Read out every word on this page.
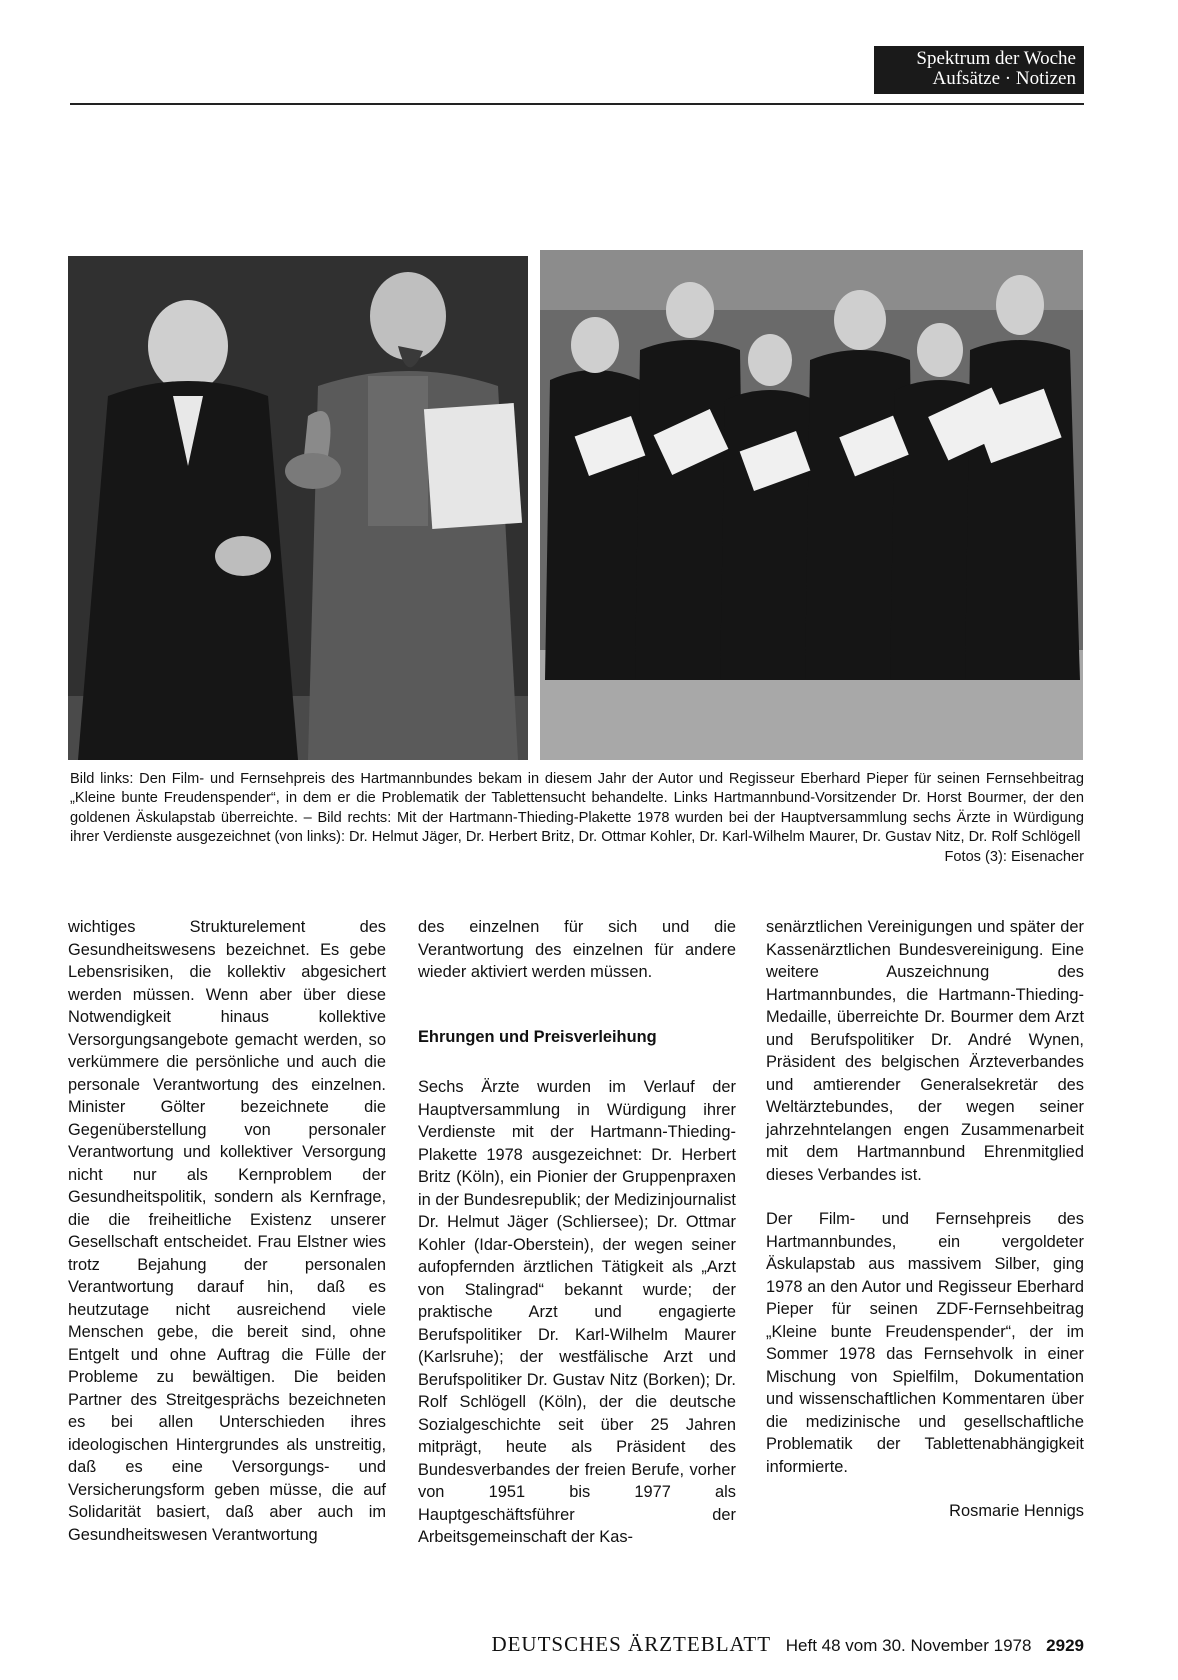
Spektrum der Woche
Aufsätze · Notizen
Bild links: Den Film- und Fernsehpreis des Hartmannbundes bekam in diesem Jahr der Autor und Regisseur Eberhard Pieper für seinen Fernsehbeitrag „Kleine bunte Freudenspender“, in dem er die Problematik der Tablettensucht behandelte. Links Hartmannbund-Vorsitzender Dr. Horst Bourmer, der den goldenen Äskulapstab überreichte. – Bild rechts: Mit der Hartmann-Thieding-Plakette 1978 wurden bei der Hauptversammlung sechs Ärzte in Würdigung ihrer Verdienste ausgezeichnet (von links): Dr. Helmut Jäger, Dr. Herbert Britz, Dr. Ottmar Kohler, Dr. Karl-Wilhelm Maurer, Dr. Gustav Nitz, Dr. Rolf Schlögell
Fotos (3): Eisenacher

wichtiges Strukturelement des Gesundheitswesens bezeichnet. Es gebe Lebensrisiken, die kollektiv abgesichert werden müssen. Wenn aber über diese Notwendigkeit hinaus kollektive Versorgungsangebote gemacht werden, so verkümmere die persönliche und auch die personale Verantwortung des einzelnen. Minister Gölter bezeichnete die Gegenüberstellung von personaler Verantwortung und kollektiver Versorgung nicht nur als Kernproblem der Gesundheitspolitik, sondern als Kernfrage, die die freiheitliche Existenz unserer Gesellschaft entscheidet. Frau Elstner wies trotz Bejahung der personalen Verantwortung darauf hin, daß es heutzutage nicht ausreichend viele Menschen gebe, die bereit sind, ohne Entgelt und ohne Auftrag die Fülle der Probleme zu bewältigen. Die beiden Partner des Streitgesprächs bezeichneten es bei allen Unterschieden ihres ideologischen Hintergrundes als unstreitig, daß es eine Versorgungs- und Versicherungsform geben müsse, die auf Solidarität basiert, daß aber auch im Gesundheitswesen Verantwortung

des einzelnen für sich und die Verantwortung des einzelnen für andere wieder aktiviert werden müssen.

Ehrungen und Preisverleihung

Sechs Ärzte wurden im Verlauf der Hauptversammlung in Würdigung ihrer Verdienste mit der Hartmann-Thieding-Plakette 1978 ausgezeichnet: Dr. Herbert Britz (Köln), ein Pionier der Gruppenpraxen in der Bundesrepublik; der Medizinjournalist Dr. Helmut Jäger (Schliersee); Dr. Ottmar Kohler (Idar-Oberstein), der wegen seiner aufopfernden ärztlichen Tätigkeit als „Arzt von Stalingrad“ bekannt wurde; der praktische Arzt und engagierte Berufspolitiker Dr. Karl-Wilhelm Maurer (Karlsruhe); der westfälische Arzt und Berufspolitiker Dr. Gustav Nitz (Borken); Dr. Rolf Schlögell (Köln), der die deutsche Sozialgeschichte seit über 25 Jahren mitprägt, heute als Präsident des Bundesverbandes der freien Berufe, vorher von 1951 bis 1977 als Hauptgeschäftsführer der Arbeitsgemeinschaft der Kas-

senärztlichen Vereinigungen und später der Kassenärztlichen Bundesvereinigung. Eine weitere Auszeichnung des Hartmannbundes, die Hartmann-Thieding-Medaille, überreichte Dr. Bourmer dem Arzt und Berufspolitiker Dr. André Wynen, Präsident des belgischen Ärzteverbandes und amtierender Generalsekretär des Weltärztebundes, der wegen seiner jahrzehntelangen engen Zusammenarbeit mit dem Hartmannbund Ehrenmitglied dieses Verbandes ist.

Der Film- und Fernsehpreis des Hartmannbundes, ein vergoldeter Äskulapstab aus massivem Silber, ging 1978 an den Autor und Regisseur Eberhard Pieper für seinen ZDF-Fernsehbeitrag „Kleine bunte Freudenspender“, der im Sommer 1978 das Fernsehvolk in einer Mischung von Spielfilm, Dokumentation und wissenschaftlichen Kommentaren über die medizinische und gesellschaftliche Problematik der Tablettenabhängigkeit informierte.

Rosmarie Hennigs

DEUTSCHES ÄRZTEBLATT Heft 48 vom 30. November 1978 2929
